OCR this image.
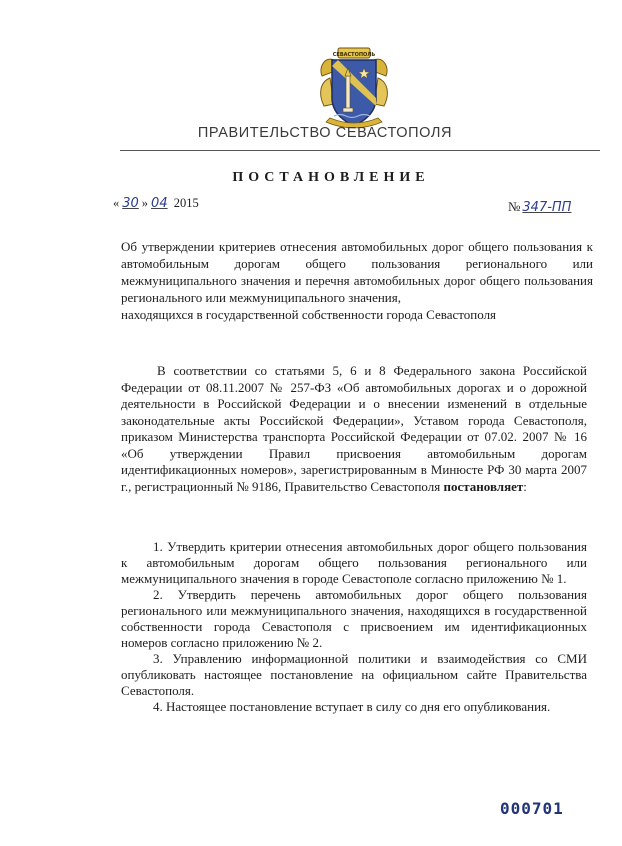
СЕВАСТОПОЛЬ
ПРАВИТЕЛЬСТВО СЕВАСТОПОЛЯ
ПОСТАНОВЛЕНИЕ
« 30 » 04 2015	№ 347-ПП
Об утверждении критериев отнесения автомобильных дорог общего пользования к автомобильным дорогам общего пользования регионального или межмуниципального значения и перечня автомобильных дорог общего пользования регионального или межмуниципального значения,
находящихся в государственной собственности города Севастополя

В соответствии со статьями 5, 6 и 8 Федерального закона Российской Федерации от 08.11.2007 № 257-ФЗ «Об автомобильных дорогах и о дорожной деятельности в Российской Федерации и о внесении изменений в отдельные законодательные акты Российской Федерации», Уставом города Севастополя, приказом Министерства транспорта Российской Федерации от 07.02. 2007 № 16 «Об утверждении Правил присвоения автомобильным дорогам идентификационных номеров», зарегистрированным в Минюсте РФ 30 марта 2007 г., регистрационный № 9186, Правительство Севастополя постановляет:

1. Утвердить критерии отнесения автомобильных дорог общего пользования к автомобильным дорогам общего пользования регионального или межмуниципального значения в городе Севастополе согласно приложению № 1.

2. Утвердить перечень автомобильных дорог общего пользования регионального или межмуниципального значения, находящихся в государственной собственности города Севастополя с присвоением им идентификационных номеров согласно приложению № 2.

3. Управлению информационной политики и взаимодействия со СМИ опубликовать настоящее постановление на официальном сайте Правительства Севастополя.

4. Настоящее постановление вступает в силу со дня его опубликования.

000701
